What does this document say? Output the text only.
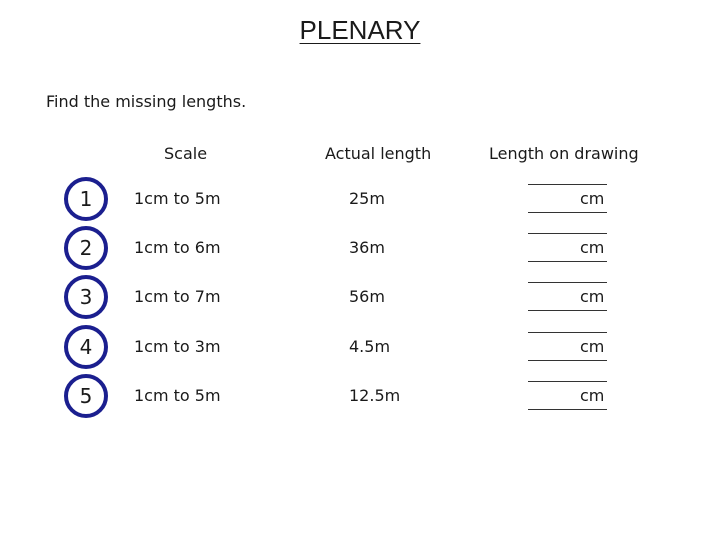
PLENARY
Find the missing lengths.
Scale	Actual length	Length on drawing
1	1cm to 5m	25m	cm
2	1cm to 6m	36m	cm
3	1cm to 7m	56m	cm
4	1cm to 3m	4.5m	cm
5	1cm to 5m	12.5m	cm
